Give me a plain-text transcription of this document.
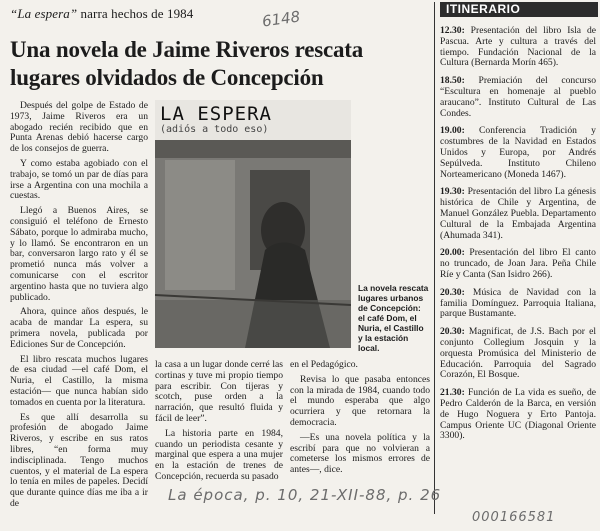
“La espera” narra hechos de 1984	6148
Una novela de Jaime Riveros rescata lugares olvidados de Concepción

Después del golpe de Estado de 1973, Jaime Riveros era un abogado recién recibido que en Punta Arenas debió hacerse cargo de los consejos de guerra.

Y como estaba agobiado con el trabajo, se tomó un par de días para irse a Argentina con una mochila a cuestas.

Llegó a Buenos Aires, se consiguió el teléfono de Ernesto Sábato, porque lo admiraba mucho, y lo llamó. Se encontraron en un bar, conversaron largo rato y él se prometió nunca más volver a comunicarse con el escritor argentino hasta que no tuviera algo publicado.

Ahora, quince años después, le acaba de mandar La espera, su primera novela, publicada por Ediciones Sur de Concepción.

El libro rescata muchos lugares de esa ciudad —el café Dom, el Nuria, el Castillo, la misma estación— que nunca habían sido tomados en cuenta por la literatura.

Es que allí desarrolla su profesión de abogado Jaime Riveros, y escribe en sus ratos libres, “en forma muy indisciplinada. Tengo muchos cuentos, y el material de La espera lo tenía en miles de papeles. Decidí que durante quince días me iba a ir de

LA ESPERA
(adiós a todo eso)
La novela rescata lugares urbanos de Concepción: el café Dom, el Nuria, el Castillo y la estación local.

la casa a un lugar donde cerré las cortinas y tuve mi propio tiempo para escribir. Con tijeras y scotch, puse orden a la narración, que resultó fluida y fácil de leer”.

La historia parte en 1984, cuando un periodista cesante y marginal que espera a una mujer en la estación de trenes de Concepción, recuerda su pasado

en el Pedagógico.

Revisa lo que pasaba entonces con la mirada de 1984, cuando todo el mundo esperaba que algo ocurriera y que retornara la democracia.

—Es una novela política y la escribí para que no volvieran a cometerse los mismos errores de antes—, dice.

ITINERARIO

12.30: Presentación del libro Isla de Pascua. Arte y cultura a través del tiempo. Fundación Nacional de la Cultura (Bernarda Morín 465).

18.50: Premiación del concurso “Escultura en homenaje al pueblo araucano”. Instituto Cultural de Las Condes.

19.00: Conferencia Tradición y costumbres de la Navidad en Estados Unidos y Europa, por Andrés Sepúlveda. Instituto Chileno Norteamericano (Moneda 1467).

19.30: Presentación del libro La génesis histórica de Chile y Argentina, de Manuel González Puebla. Departamento Cultural de la Embajada Argentina (Ahumada 341).

20.00: Presentación del libro El canto no truncado, de Joan Jara. Peña Chile Ríe y Canta (San Isidro 266).

20.30: Música de Navidad con la familia Domínguez. Parroquia Italiana, parque Bustamante.

20.30: Magnificat, de J.S. Bach por el conjunto Collegium Josquin y la orquesta Promúsica del Ministerio de Educación. Parroquia del Sagrado Corazón, El Bosque.

21.30: Función de La vida es sueño, de Pedro Calderón de la Barca, en versión de Hugo Noguera y Erto Pantoja. Campus Oriente UC (Diagonal Oriente 3300).

La época, p. 10, 21-XII-88, p. 26
000166581
